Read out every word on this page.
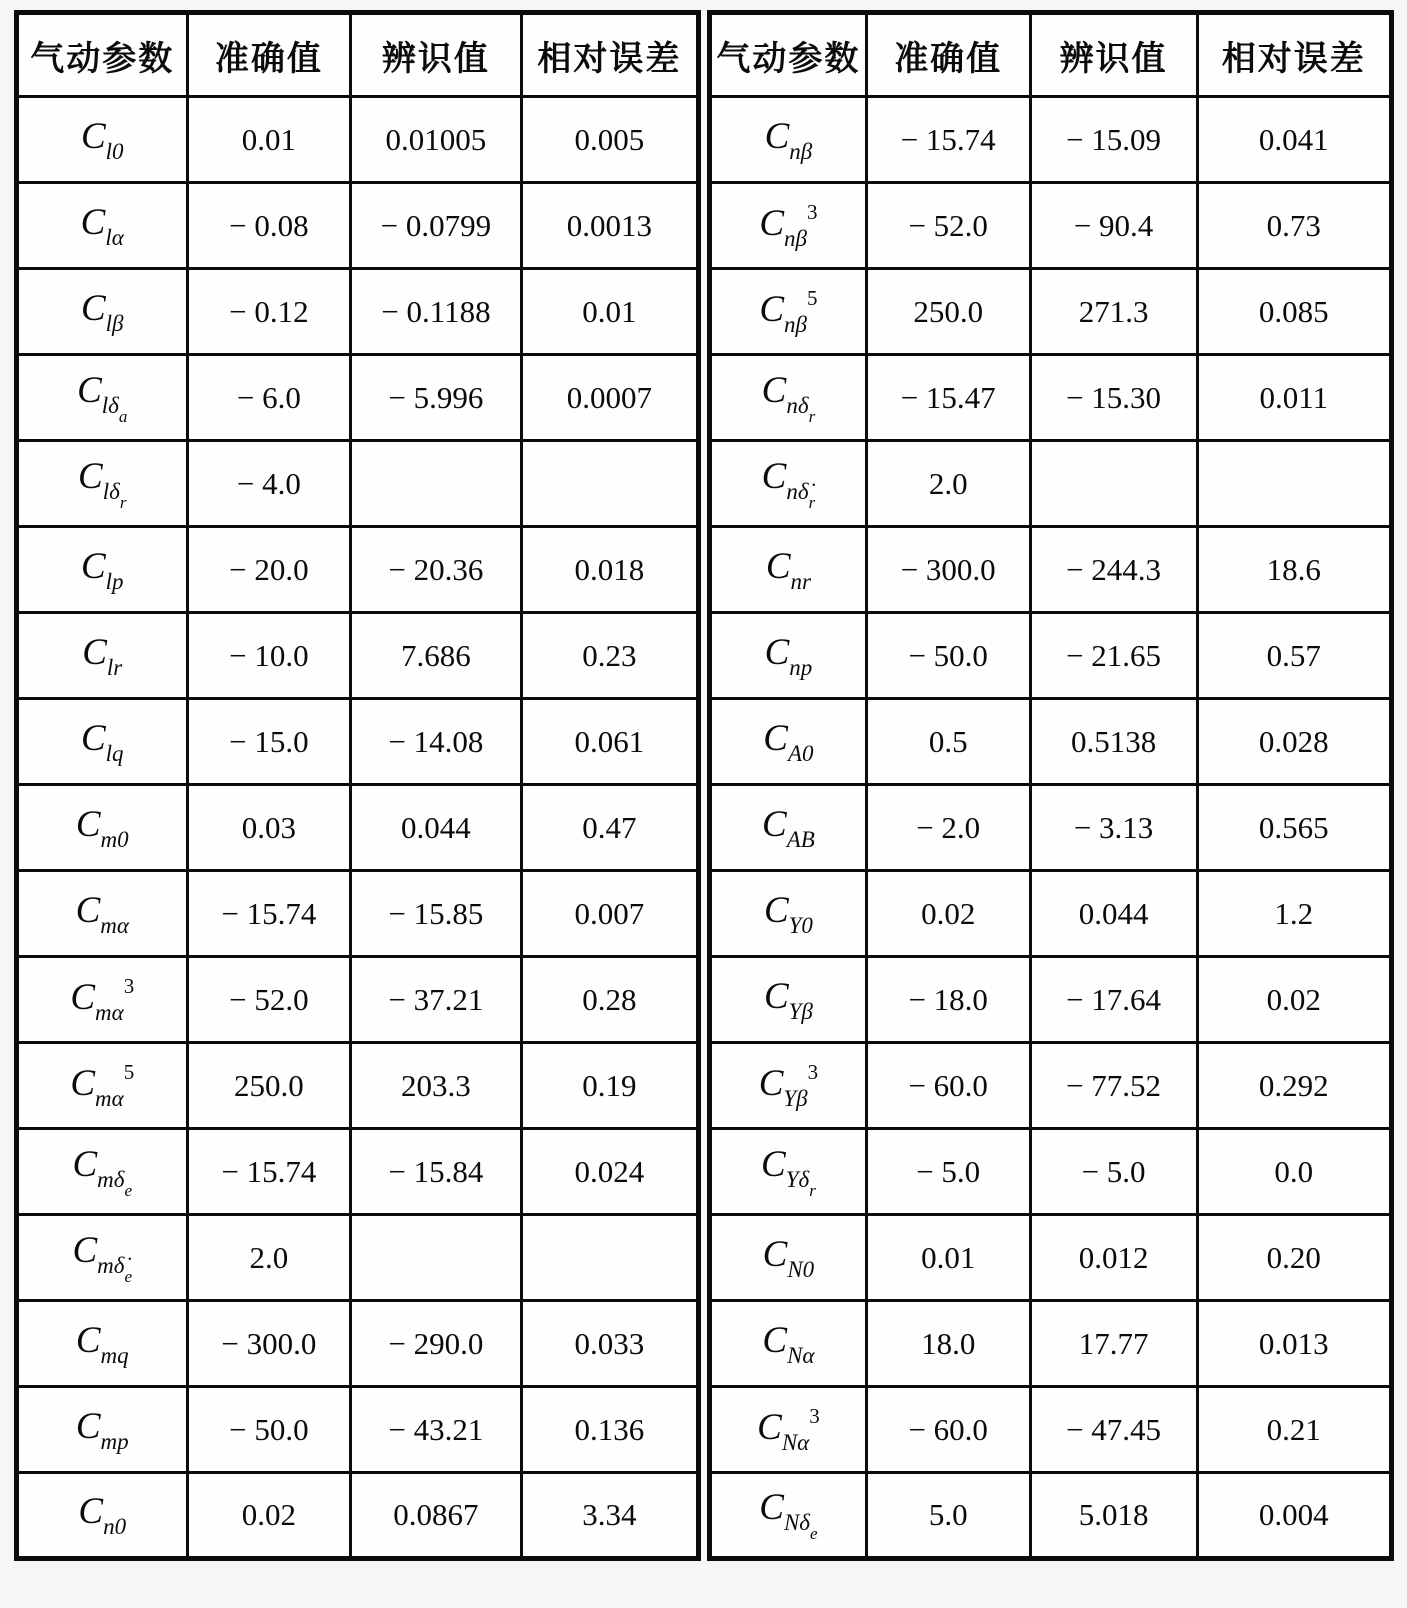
气动参数	准确值	辨识值	相对误差
$C_{l0}$	0.01	0.01005	0.005
$C_{l\alpha}$	− 0.08	− 0.0799	0.0013
$C_{l\beta}$	− 0.12	− 0.1188	0.01
$C_{l\delta_a}$	− 6.0	− 5.996	0.0007
$C_{l\delta_r}$	− 4.0		
$C_{lp}$	− 20.0	− 20.36	0.018
$C_{lr}$	− 10.0	7.686	0.23
$C_{lq}$	− 15.0	− 14.08	0.061
$C_{m0}$	0.03	0.044	0.47
$C_{m\alpha}$	− 15.74	− 15.85	0.007
$C_{m\alpha}^3$	− 52.0	− 37.21	0.28
$C_{m\alpha}^5$	250.0	203.3	0.19
$C_{m\delta_e}$	− 15.74	− 15.84	0.024
$C_{m\deltȧ_e}$	2.0		
$C_{mq}$	− 300.0	− 290.0	0.033
$C_{mp}$	− 50.0	− 43.21	0.136
$C_{n0}$	0.02	0.0867	3.34
气动参数	准确值	辨识值	相对误差
$C_{n\beta}$	− 15.74	− 15.09	0.041
$C_{n\beta}^3$	− 52.0	− 90.4	0.73
$C_{n\beta}^5$	250.0	271.3	0.085
$C_{n\delta_r}$	− 15.47	− 15.30	0.011
$C_{n\deltȧ_r}$	2.0		
$C_{nr}$	− 300.0	− 244.3	18.6
$C_{np}$	− 50.0	− 21.65	0.57
$C_{A0}$	0.5	0.5138	0.028
$C_{AB}$	− 2.0	− 3.13	0.565
$C_{Y0}$	0.02	0.044	1.2
$C_{Y\beta}$	− 18.0	− 17.64	0.02
$C_{Y\beta}^3$	− 60.0	− 77.52	0.292
$C_{Y\delta_r}$	− 5.0	− 5.0	0.0
$C_{N0}$	0.01	0.012	0.20
$C_{N\alpha}$	18.0	17.77	0.013
$C_{N\alpha}^3$	− 60.0	− 47.45	0.21
$C_{N\delta_e}$	5.0	5.018	0.004
